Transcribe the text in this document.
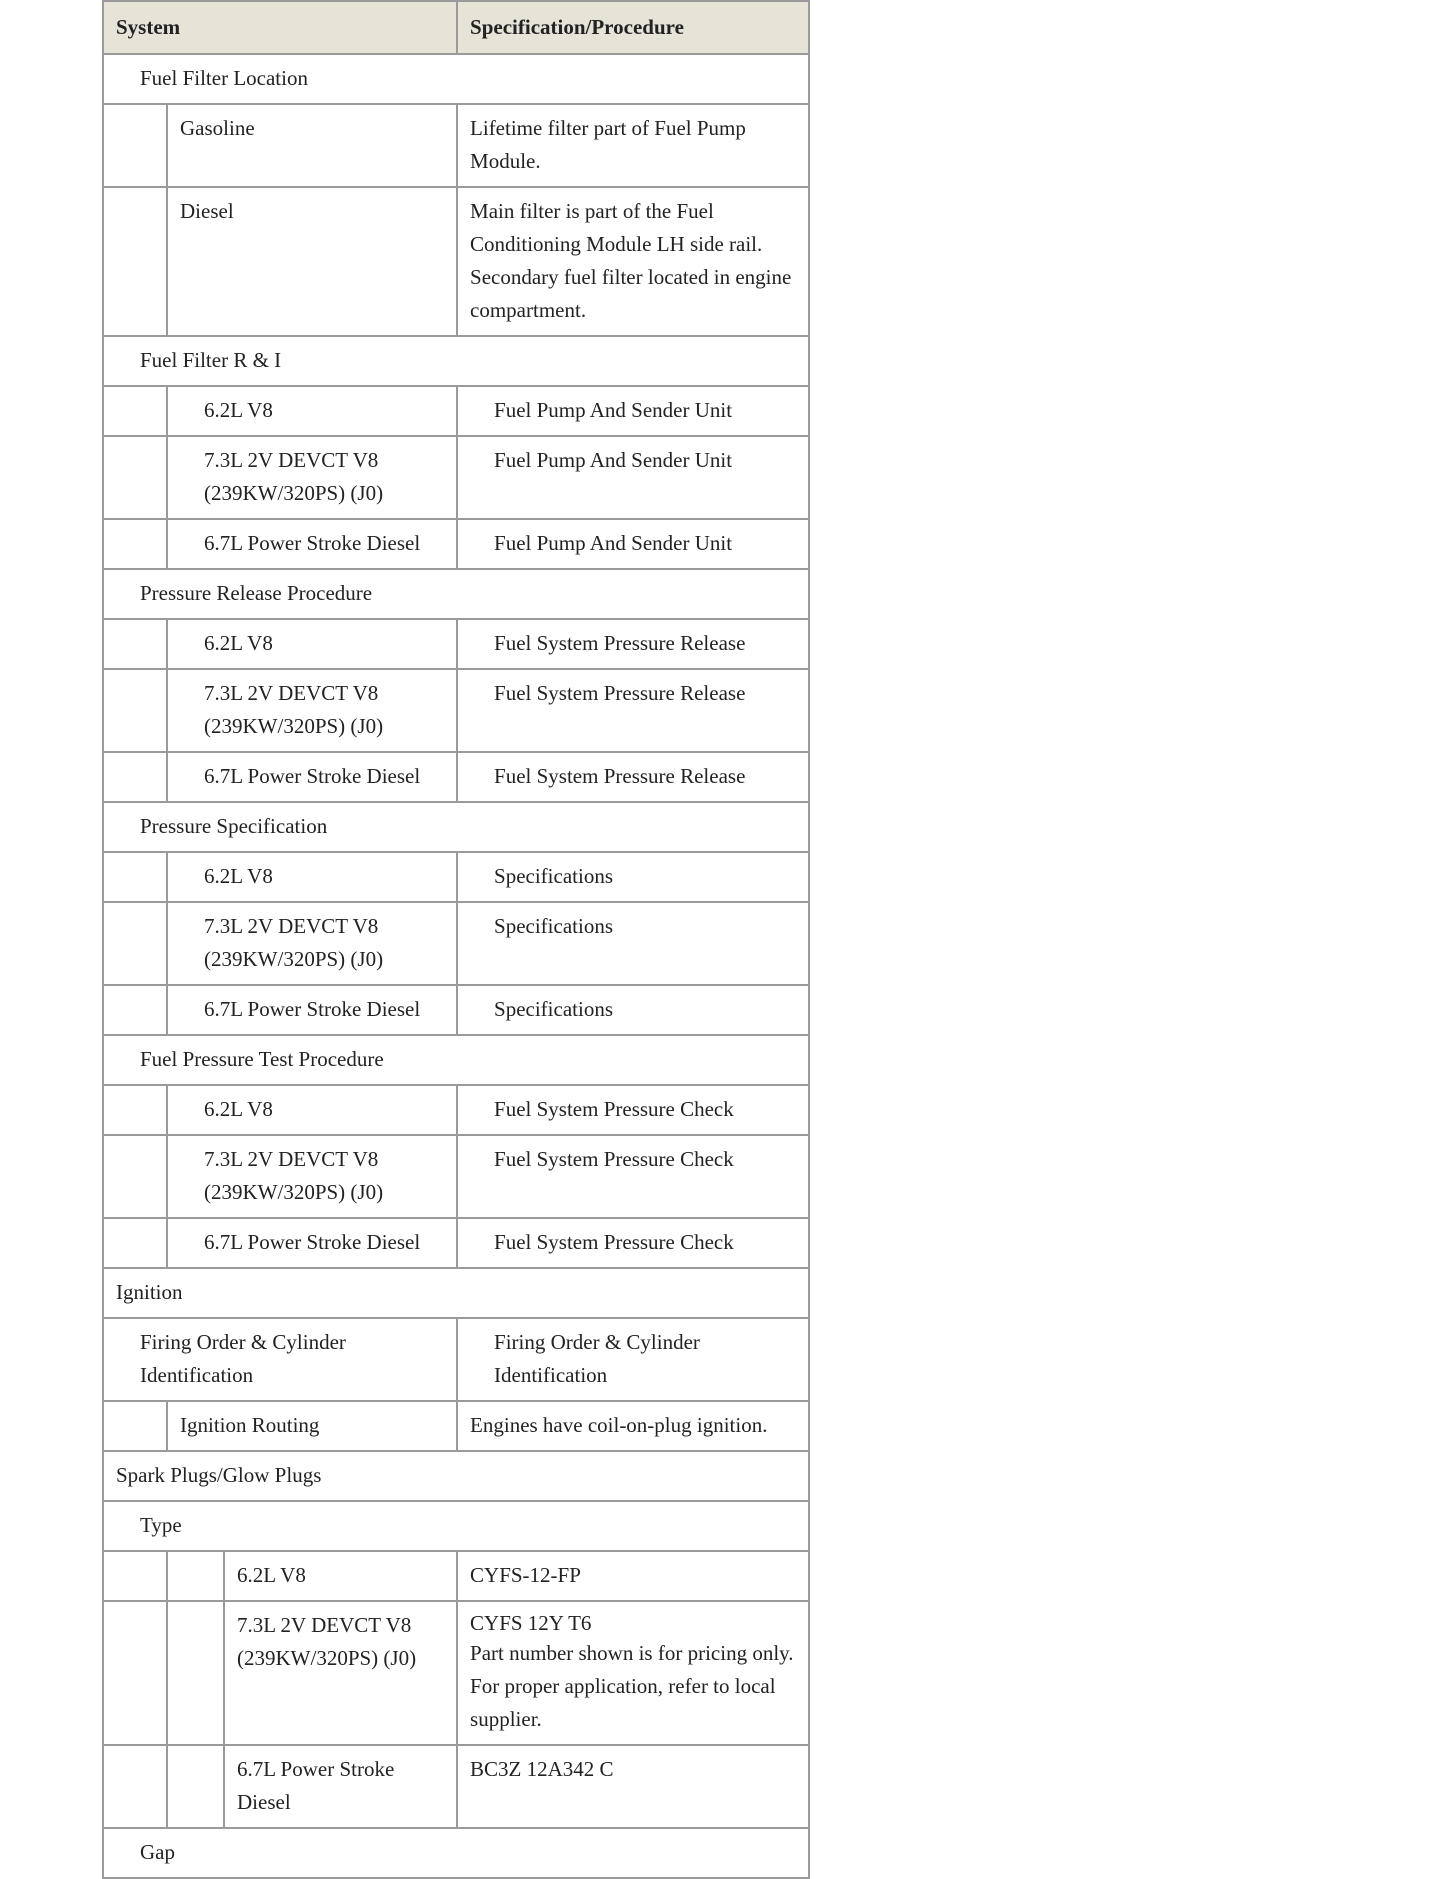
System			Specification/Procedure
Fuel Filter Location			
	Gasoline		Lifetime filter part of Fuel Pump Module.
	Diesel		Main filter is part of the Fuel Conditioning Module LH side rail. Secondary fuel filter located in engine compartment.
Fuel Filter R & I			
	6.2L V8		Fuel Pump And Sender Unit
	7.3L 2V DEVCT V8 (239KW/320PS) (J0)		Fuel Pump And Sender Unit
	6.7L Power Stroke Diesel		Fuel Pump And Sender Unit
Pressure Release Procedure			
	6.2L V8		Fuel System Pressure Release
	7.3L 2V DEVCT V8 (239KW/320PS) (J0)		Fuel System Pressure Release
	6.7L Power Stroke Diesel		Fuel System Pressure Release
Pressure Specification			
	6.2L V8		Specifications
	7.3L 2V DEVCT V8 (239KW/320PS) (J0)		Specifications
	6.7L Power Stroke Diesel		Specifications
Fuel Pressure Test Procedure			
	6.2L V8		Fuel System Pressure Check
	7.3L 2V DEVCT V8 (239KW/320PS) (J0)		Fuel System Pressure Check
	6.7L Power Stroke Diesel		Fuel System Pressure Check
Ignition			
Firing Order & Cylinder Identification			Firing Order & Cylinder Identification
	Ignition Routing		Engines have coil-on-plug ignition.
Spark Plugs/Glow Plugs			
Type			
		6.2L V8	CYFS-12-FP
		7.3L 2V DEVCT V8 (239KW/320PS) (J0)	CYFS 12Y T6
Part number shown is for pricing only. For proper application, refer to local supplier.

		6.7L Power Stroke Diesel	BC3Z 12A342 C
Gap			
